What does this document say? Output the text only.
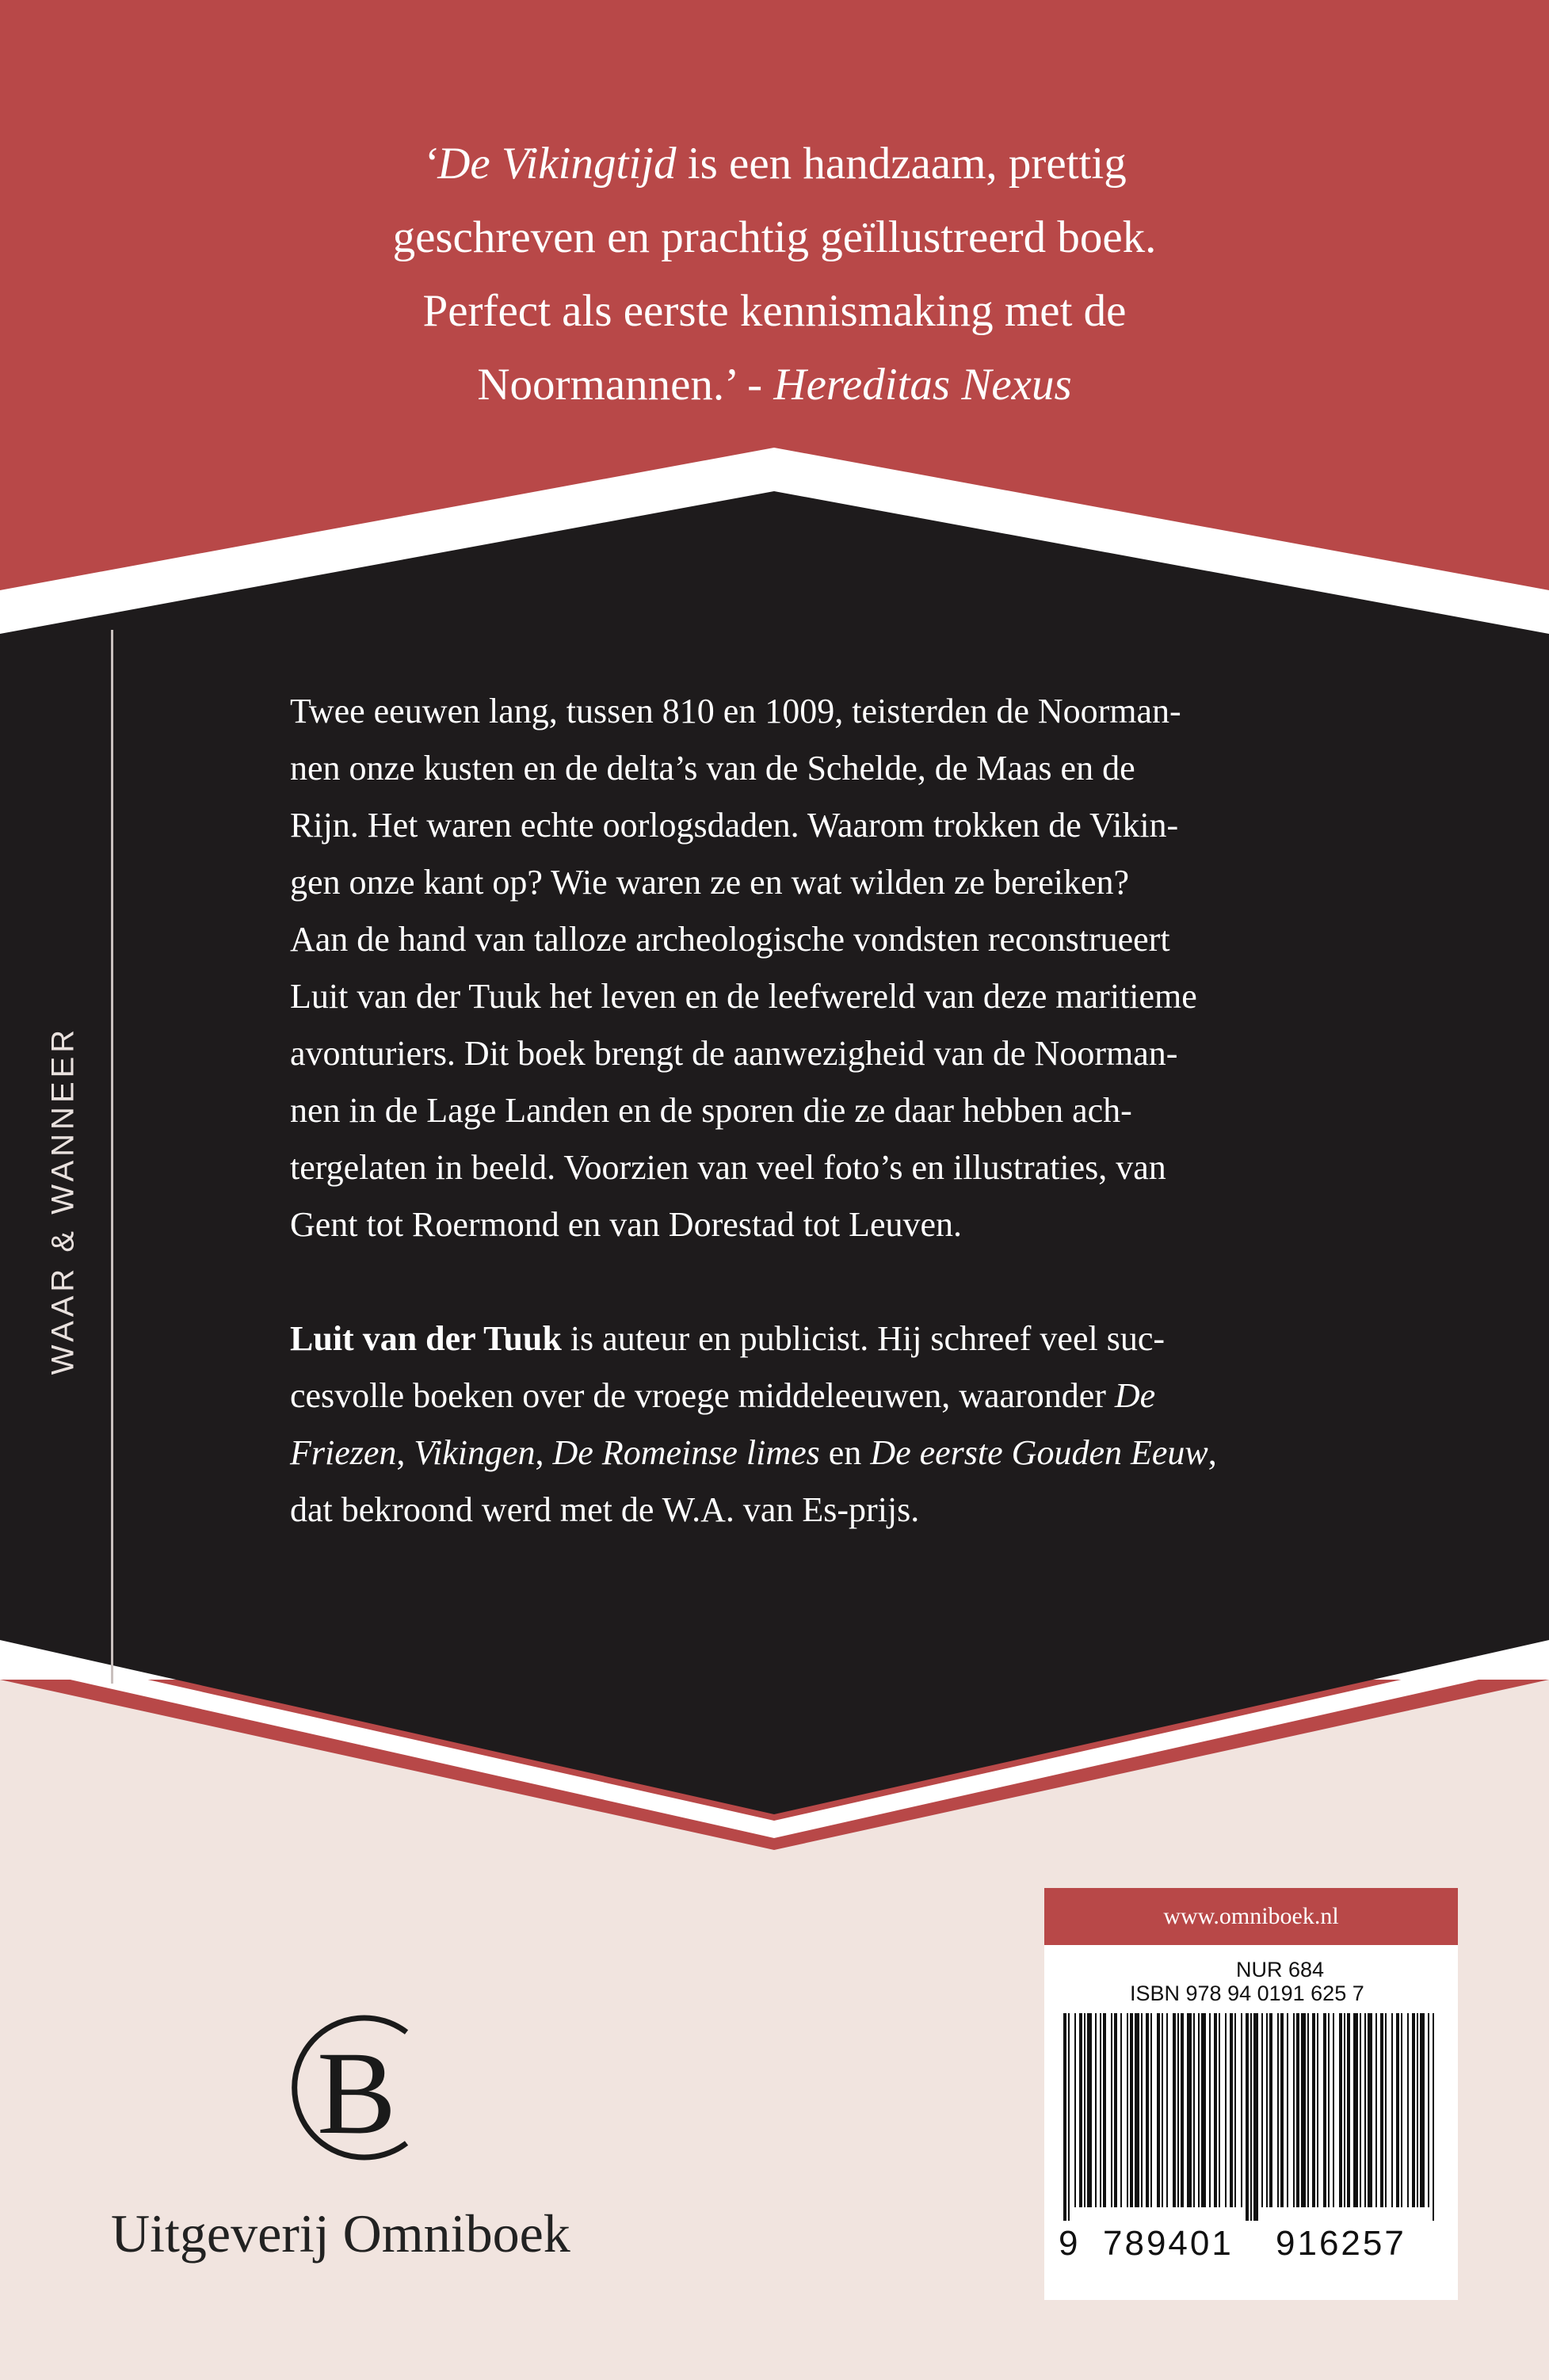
‘De Vikingtijd is een handzaam, prettig
geschreven en prachtig geïllustreerd boek.
Perfect als eerste kennismaking met de
Noormannen.’ - Hereditas Nexus
WAAR & WANNEER
Twee eeuwen lang, tussen 810 en 1009, teisterden de Noorman-
nen onze kusten en de delta’s van de Schelde, de Maas en de
Rijn. Het waren echte oorlogsdaden. Waarom trokken de Vikin-
gen onze kant op? Wie waren ze en wat wilden ze bereiken?
Aan de hand van talloze archeologische vondsten reconstrueert
Luit van der Tuuk het leven en de leefwereld van deze maritieme
avonturiers. Dit boek brengt de aanwezigheid van de Noorman-
nen in de Lage Landen en de sporen die ze daar hebben ach-
tergelaten in beeld. Voorzien van veel foto’s en illustraties, van
Gent tot Roermond en van Dorestad tot Leuven.
Luit van der Tuuk is auteur en publicist. Hij schreef veel suc-
cesvolle boeken over de vroege middeleeuwen, waaronder De
Friezen, Vikingen, De Romeinse limes en De eerste Gouden Eeuw,
dat bekroond werd met de W.A. van Es-prijs.
B
Uitgeverij Omniboek
www.omniboek.nl
NUR 684
ISBN 978 94 0191 625 7
9 789401 916257
